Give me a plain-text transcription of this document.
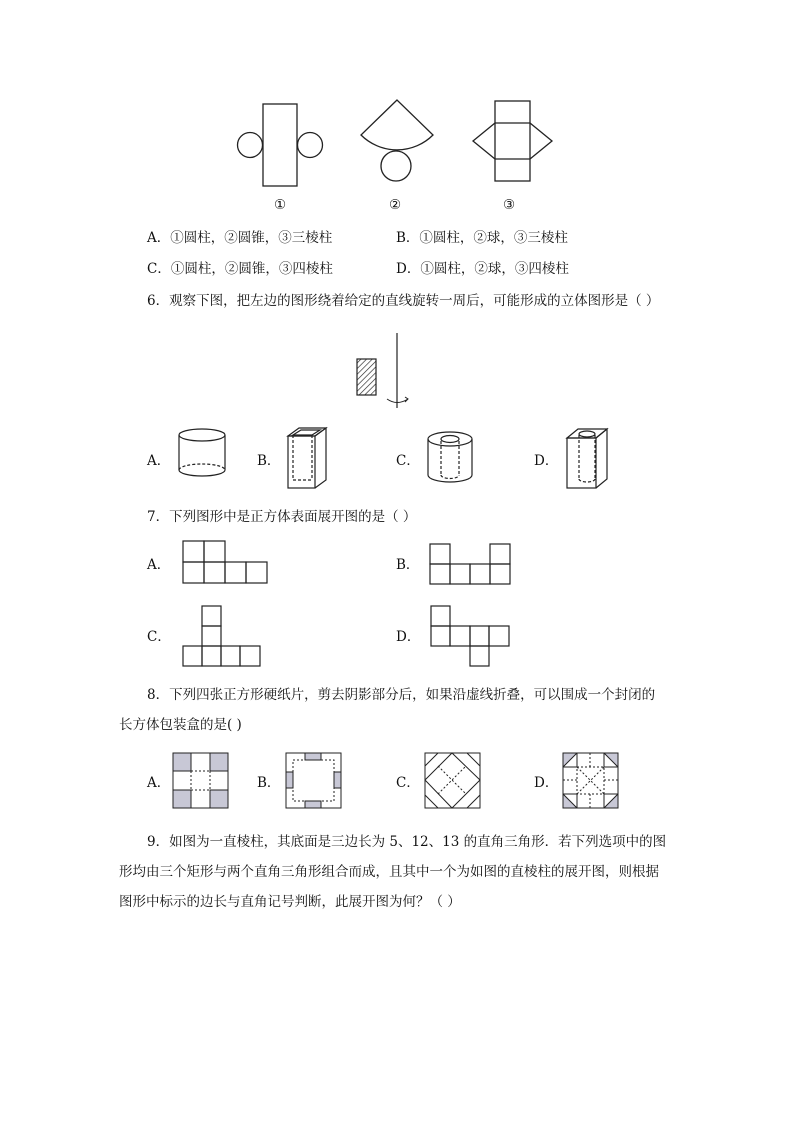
①	②	③
A．①圆柱，②圆锥，③三棱柱	B．①圆柱，②球，③三棱柱
C．①圆柱，②圆锥，③四棱柱	D．①圆柱，②球，③四棱柱
6．观察下图，把左边的图形绕着给定的直线旋转一周后，可能形成的立体图形是（ ）
A．	B．	C．	D．
7．下列图形中是正方体表面展开图的是（ ）
A．	B．
C．	D．
8．下列四张正方形硬纸片，剪去阴影部分后，如果沿虚线折叠，可以围成一个封闭的
长方体包装盒的是( )
A．	B．	C．	D．
9．如图为一直棱柱，其底面是三边长为 5、12、13 的直角三角形．若下列选项中的图
形均由三个矩形与两个直角三角形组合而成，且其中一个为如图的直棱柱的展开图，则根据
图形中标示的边长与直角记号判断，此展开图为何？（ ）
